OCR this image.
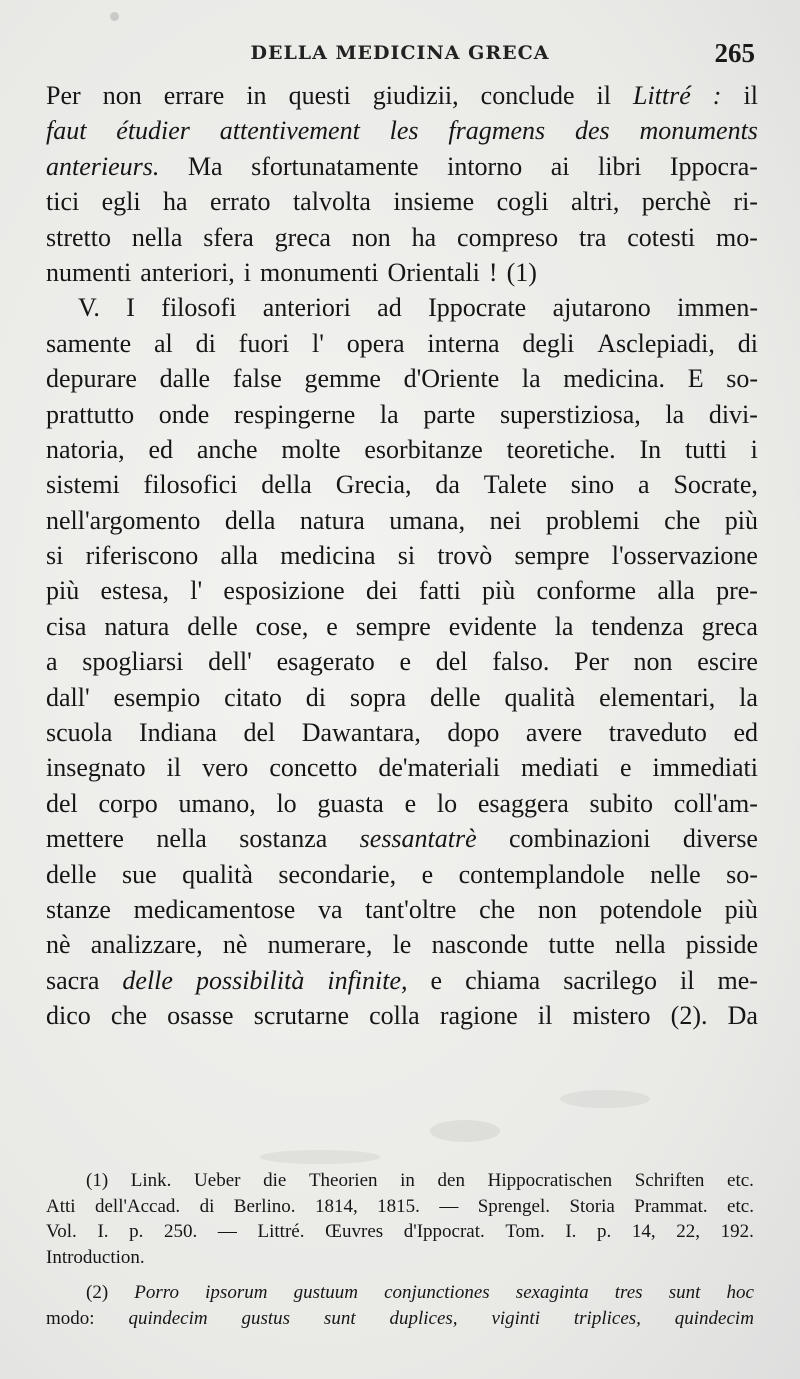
DELLA MEDICINA GRECA	265
Per non errare in questi giudizii, conclude il Littré : il
faut étudier attentivement les fragmens des monuments
anterieurs. Ma sfortunatamente intorno ai libri Ippocra-
tici egli ha errato talvolta insieme cogli altri, perchè ri-
stretto nella sfera greca non ha compreso tra cotesti mo-
numenti anteriori, i monumenti Orientali ! (1)
V. I filosofi anteriori ad Ippocrate ajutarono immen-
samente al di fuori l' opera interna degli Asclepiadi, di
depurare dalle false gemme d'Oriente la medicina. E so-
prattutto onde respingerne la parte superstiziosa, la divi-
natoria, ed anche molte esorbitanze teoretiche. In tutti i
sistemi filosofici della Grecia, da Talete sino a Socrate,
nell'argomento della natura umana, nei problemi che più
si riferiscono alla medicina si trovò sempre l'osservazione
più estesa, l' esposizione dei fatti più conforme alla pre-
cisa natura delle cose, e sempre evidente la tendenza greca
a spogliarsi dell' esagerato e del falso. Per non escire
dall' esempio citato di sopra delle qualità elementari, la
scuola Indiana del Dawantara, dopo avere traveduto ed
insegnato il vero concetto de'materiali mediati e immediati
del corpo umano, lo guasta e lo esaggera subito coll'am-
mettere nella sostanza sessantatrè combinazioni diverse
delle sue qualità secondarie, e contemplandole nelle so-
stanze medicamentose va tant'oltre che non potendole più
nè analizzare, nè numerare, le nasconde tutte nella pisside
sacra delle possibilità infinite, e chiama sacrilego il me-
dico che osasse scrutarne colla ragione il mistero (2). Da
(1) Link. Ueber die Theorien in den Hippocratischen Schriften etc.
Atti dell'Accad. di Berlino. 1814, 1815. — Sprengel. Storia Prammat. etc.
Vol. I. p. 250. — Littré. Œuvres d'Ippocrat. Tom. I. p. 14, 22, 192.
Introduction.
(2) Porro ipsorum gustuum conjunctiones sexaginta tres sunt hoc
modo: quindecim gustus sunt duplices, viginti triplices, quindecim
